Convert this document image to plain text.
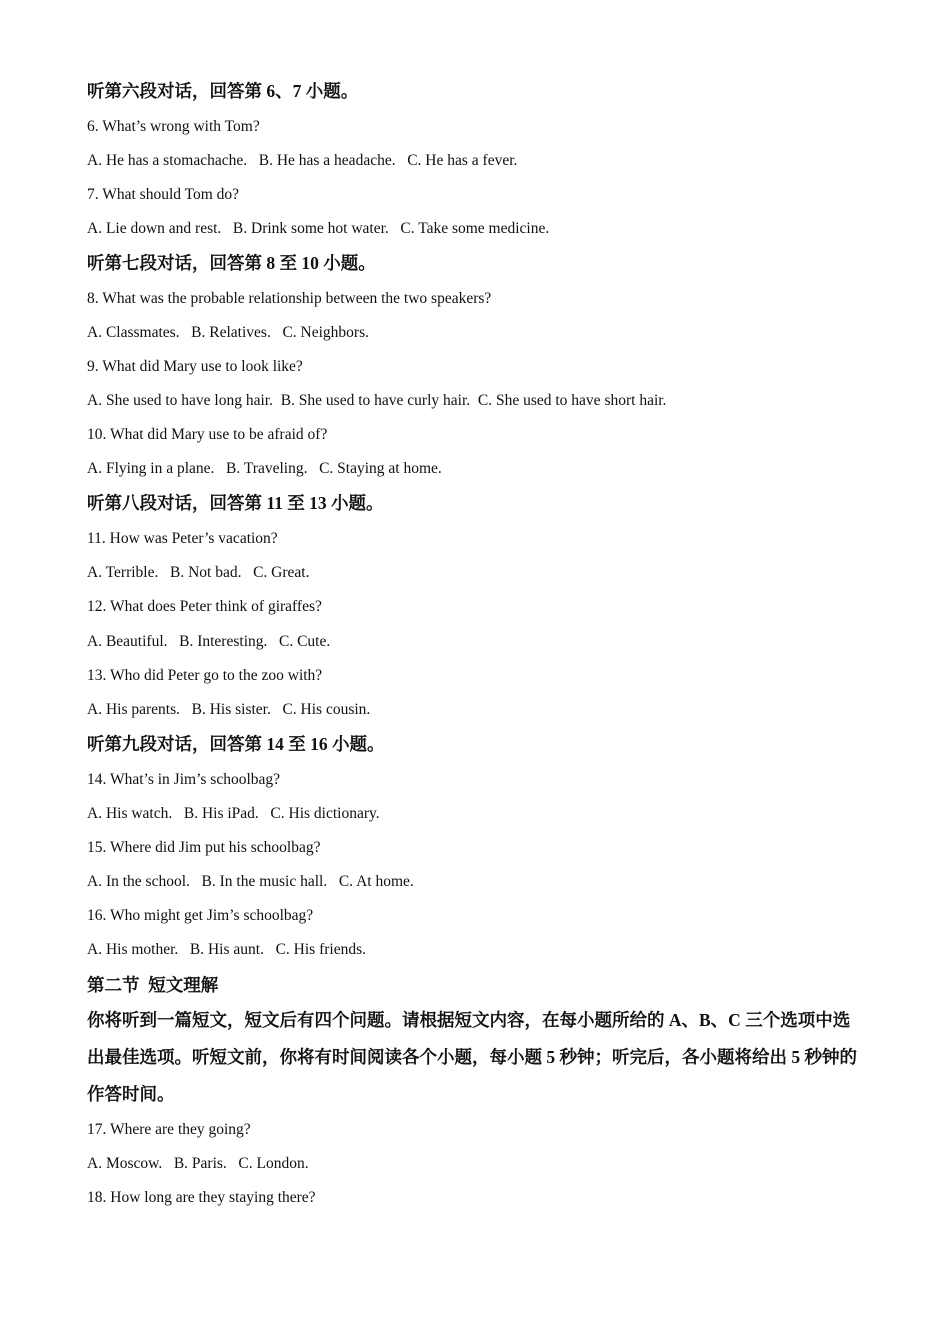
听第六段对话，回答第 6、7 小题。
6. What’s wrong with Tom?
A. He has a stomachache.   B. He has a headache.   C. He has a fever.
7. What should Tom do?
A. Lie down and rest.   B. Drink some hot water.   C. Take some medicine.
听第七段对话，回答第 8 至 10 小题。
8. What was the probable relationship between the two speakers?
A. Classmates.   B. Relatives.   C. Neighbors.
9. What did Mary use to look like?
A. She used to have long hair.  B. She used to have curly hair.  C. She used to have short hair.
10. What did Mary use to be afraid of?
A. Flying in a plane.   B. Traveling.   C. Staying at home.
听第八段对话，回答第 11 至 13 小题。
11. How was Peter’s vacation?
A. Terrible.   B. Not bad.   C. Great.
12. What does Peter think of giraffes?
A. Beautiful.   B. Interesting.   C. Cute.
13. Who did Peter go to the zoo with?
A. His parents.   B. His sister.   C. His cousin.
听第九段对话，回答第 14 至 16 小题。
14. What’s in Jim’s schoolbag?
A. His watch.   B. His iPad.   C. His dictionary.
15. Where did Jim put his schoolbag?
A. In the school.   B. In the music hall.   C. At home.
16. Who might get Jim’s schoolbag?
A. His mother.   B. His aunt.   C. His friends.
第二节  短文理解
你将听到一篇短文，短文后有四个问题。请根据短文内容，在每小题所给的 A、B、C 三个选项中选出最佳选项。听短文前，你将有时间阅读各个小题，每小题 5 秒钟；听完后，各小题将给出 5 秒钟的作答时间。
17. Where are they going?
A. Moscow.   B. Paris.   C. London.
18. How long are they staying there?
